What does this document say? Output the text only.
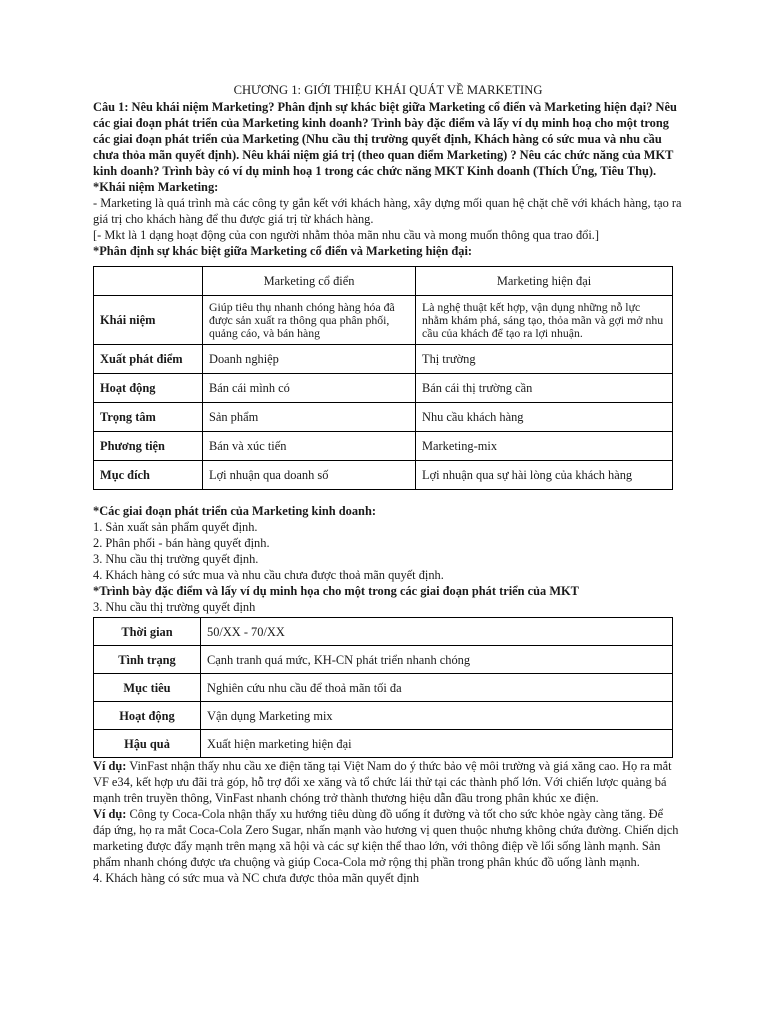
CHƯƠNG 1: GIỚI THIỆU KHÁI QUÁT VỀ MARKETING

Câu 1: Nêu khái niệm Marketing? Phân định sự khác biệt giữa Marketing cổ điển và Marketing hiện đại? Nêu các giai đoạn phát triển của Marketing kinh doanh? Trình bày đặc điểm và lấy ví dụ minh hoạ cho một trong các giai đoạn phát triển của Marketing (Nhu cầu thị trường quyết định, Khách hàng có sức mua và nhu cầu chưa thỏa mãn quyết định). Nêu khái niệm giá trị (theo quan điểm Marketing) ? Nêu các chức năng của MKT kinh doanh? Trình bày có ví dụ minh hoạ 1 trong các chức năng MKT Kinh doanh (Thích Ứng, Tiêu Thụ).

*Khái niệm Marketing:

- Marketing là quá trình mà các công ty gắn kết với khách hàng, xây dựng mối quan hệ chặt chẽ với khách hàng, tạo ra giá trị cho khách hàng để thu được giá trị từ khách hàng.

[- Mkt là 1 dạng hoạt động của con người nhằm thỏa mãn nhu cầu và mong muốn thông qua trao đổi.]

*Phân định sự khác biệt giữa Marketing cổ điển và Marketing hiện đại:

	Marketing cổ điển	Marketing hiện đại
Khái niệm	Giúp tiêu thụ nhanh chóng hàng hóa đã được sản xuất ra thông qua phân phối, quảng cáo, và bán hàng	Là nghệ thuật kết hợp, vận dụng những nỗ lực nhằm khám phá, sáng tạo, thỏa mãn và gợi mở nhu cầu của khách để tạo ra lợi nhuận.
Xuất phát điểm	Doanh nghiệp	Thị trường
Hoạt động	Bán cái mình có	Bán cái thị trường cần
Trọng tâm	Sản phẩm	Nhu cầu khách hàng
Phương tiện	Bán và xúc tiến	Marketing-mix
Mục đích	Lợi nhuận qua doanh số	Lợi nhuận qua sự hài lòng của khách hàng

*Các giai đoạn phát triển của Marketing kinh doanh:

1. Sản xuất sản phẩm quyết định.

2. Phân phối - bán hàng quyết định.

3. Nhu cầu thị trường quyết định.

4. Khách hàng có sức mua và nhu cầu chưa được thoả mãn quyết định.

*Trình bày đặc điểm và lấy ví dụ minh họa cho một trong các giai đoạn phát triển của MKT

3. Nhu cầu thị trường quyết định

Thời gian	50/XX - 70/XX
Tình trạng	Cạnh tranh quá mức, KH-CN phát triển nhanh chóng
Mục tiêu	Nghiên cứu nhu cầu để thoả mãn tối đa
Hoạt động	Vận dụng Marketing mix
Hậu quả	Xuất hiện marketing hiện đại

Ví dụ: VinFast nhận thấy nhu cầu xe điện tăng tại Việt Nam do ý thức bảo vệ môi trường và giá xăng cao. Họ ra mắt VF e34, kết hợp ưu đãi trả góp, hỗ trợ đổi xe xăng và tổ chức lái thử tại các thành phố lớn. Với chiến lược quảng bá mạnh trên truyền thông, VinFast nhanh chóng trở thành thương hiệu dẫn đầu trong phân khúc xe điện.

Ví dụ: Công ty Coca-Cola nhận thấy xu hướng tiêu dùng đồ uống ít đường và tốt cho sức khỏe ngày càng tăng. Để đáp ứng, họ ra mắt Coca-Cola Zero Sugar, nhấn mạnh vào hương vị quen thuộc nhưng không chứa đường. Chiến dịch marketing được đẩy mạnh trên mạng xã hội và các sự kiện thể thao lớn, với thông điệp về lối sống lành mạnh. Sản phẩm nhanh chóng được ưa chuộng và giúp Coca-Cola mở rộng thị phần trong phân khúc đồ uống lành mạnh.

4. Khách hàng có sức mua và NC chưa được thỏa mãn quyết định
